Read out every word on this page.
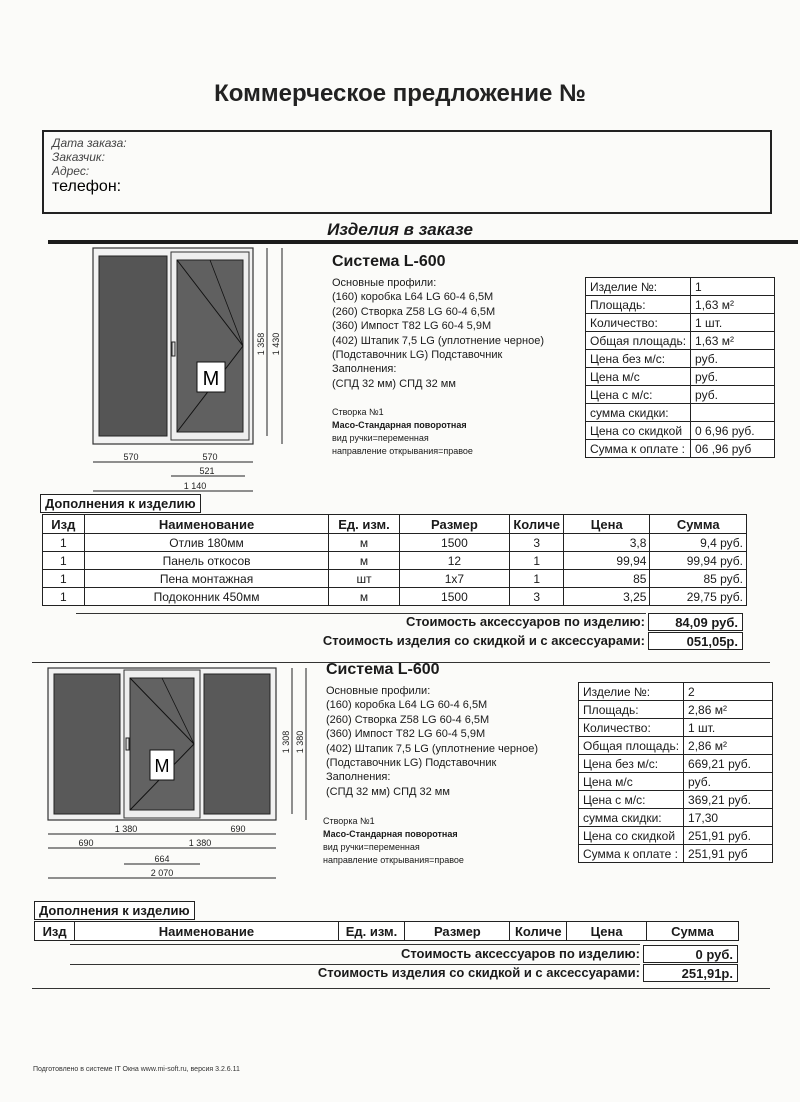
Коммерческое предложение №
Дата заказа:
Заказчик:
Адрес:
телефон:
Изделия в заказе
M
1 358 1 430
570	570
521
1 140
Система L-600
Основные профили:
(160) коробка L64 LG 60-4 6,5M
(260) Створка Z58 LG 60-4 6,5M
(360) Импост T82 LG 60-4 5,9M
(402) Штапик 7,5 LG (уплотнение черное)
(Подставочник LG) Подставочник
Заполнения:
(СПД 32 мм) СПД 32 мм
Створка №1
Масо-Стандарная поворотная
вид ручки=переменная
направление открывания=правое
Изделие №:	1
Площадь:	1,63 м²
Количество:	1 шт.
Общая площадь:	1,63 м²
Цена без м/с:	руб.
Цена м/с	руб.
Цена с м/с:	руб.
сумма скидки:	
Цена со скидкой	0 6,96 руб.
Сумма к оплате :	06 ,96 руб
Дополнения к изделию
Изд	Наименование	Ед. изм.	Размер	Количе	Цена	Сумма
1	Отлив 180мм	м	1500	3	3,8	9,4 руб.
1	Панель откосов	м	12	1	99,94	99,94 руб.
1	Пена монтажная	шт	1x7	1	85	85 руб.
1	Подоконник 450мм	м	1500	3	3,25	29,75 руб.
Стоимость аксессуаров по изделию:	84,09 руб.
Стоимость изделия со скидкой и с аксессуарами:	051,05р.
M
1 308 1 380
1 380	690
690	1 380
664
2 070
Система L-600
Основные профили:
(160) коробка L64 LG 60-4 6,5M
(260) Створка Z58 LG 60-4 6,5M
(360) Импост T82 LG 60-4 5,9M
(402) Штапик 7,5 LG (уплотнение черное)
(Подставочник LG) Подставочник
Заполнения:
(СПД 32 мм) СПД 32 мм
Створка №1
Масо-Стандарная поворотная
вид ручки=переменная
направление открывания=правое
Изделие №:	2
Площадь:	2,86 м²
Количество:	1 шт.
Общая площадь:	2,86 м²
Цена без м/с:	669,21 руб.
Цена м/с	руб.
Цена с м/с:	369,21 руб.
сумма скидки:	17,30
Цена со скидкой	251,91 руб.
Сумма к оплате :	251,91 руб
Дополнения к изделию
Изд	Наименование	Ед. изм.	Размер	Количе	Цена	Сумма
Стоимость аксессуаров по изделию:	0 руб.
Стоимость изделия со скидкой и с аксессуарами:	251,91р.
Подготовлено в системе IT Окна www.mi-soft.ru, версия 3.2.6.11
